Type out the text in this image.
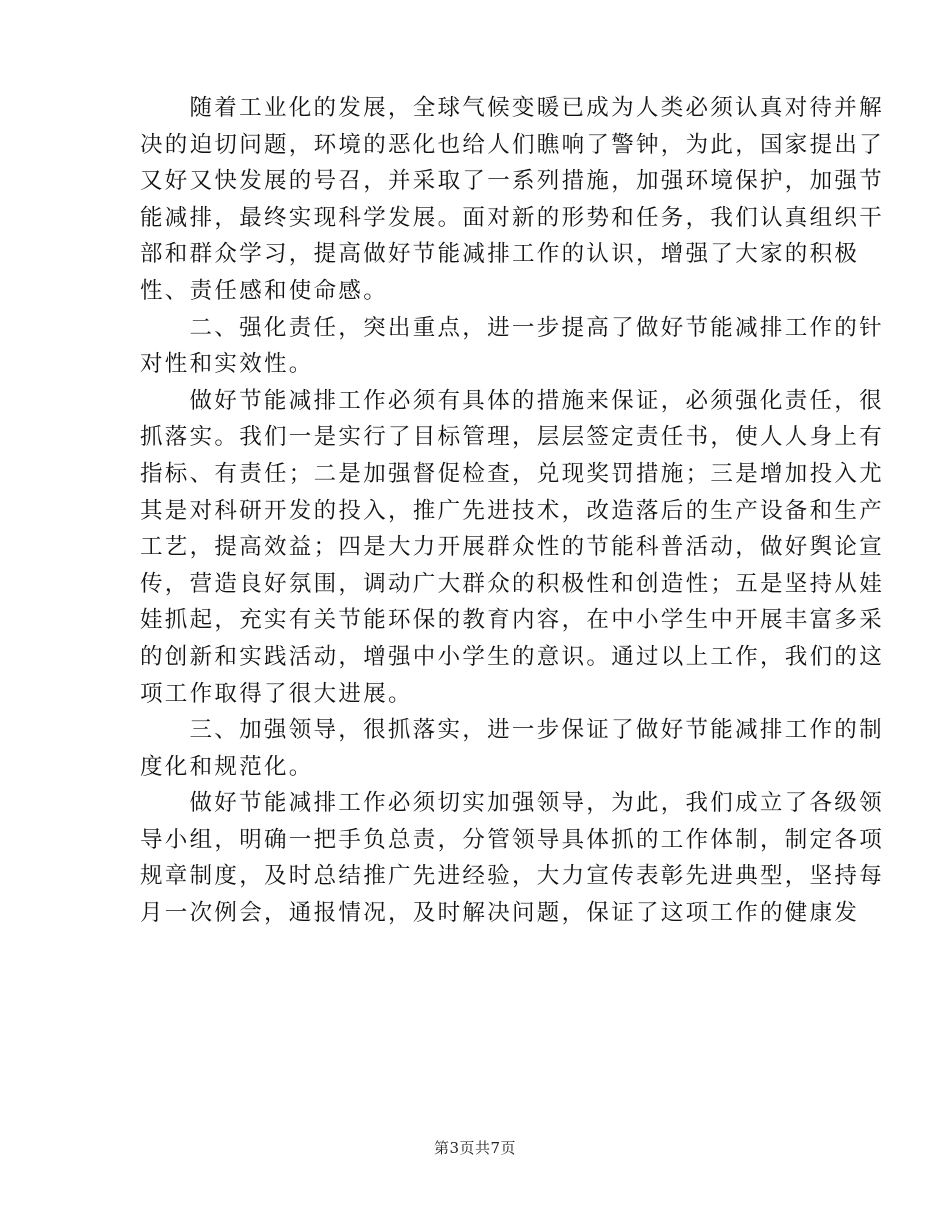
随着工业化的发展，全球气候变暖已成为人类必须认真对待并解
决的迫切问题，环境的恶化也给人们瞧响了警钟，为此，国家提出了
又好又快发展的号召，并采取了一系列措施，加强环境保护，加强节
能减排，最终实现科学发展。面对新的形势和任务，我们认真组织干
部和群众学习，提高做好节能减排工作的认识，增强了大家的积极
性、责任感和使命感。

二、强化责任，突出重点，进一步提高了做好节能减排工作的针
对性和实效性。

做好节能减排工作必须有具体的措施来保证，必须强化责任，很
抓落实。我们一是实行了目标管理，层层签定责任书，使人人身上有
指标、有责任；二是加强督促检查，兑现奖罚措施；三是增加投入尤
其是对科研开发的投入，推广先进技术，改造落后的生产设备和生产
工艺，提高效益；四是大力开展群众性的节能科普活动，做好舆论宣
传，营造良好氛围，调动广大群众的积极性和创造性；五是坚持从娃
娃抓起，充实有关节能环保的教育内容，在中小学生中开展丰富多采
的创新和实践活动，增强中小学生的意识。通过以上工作，我们的这
项工作取得了很大进展。

三、加强领导，很抓落实，进一步保证了做好节能减排工作的制
度化和规范化。

做好节能减排工作必须切实加强领导，为此，我们成立了各级领
导小组，明确一把手负总责，分管领导具体抓的工作体制，制定各项
规章制度，及时总结推广先进经验，大力宣传表彰先进典型，坚持每
月一次例会，通报情况，及时解决问题，保证了这项工作的健康发

第3页共7页
